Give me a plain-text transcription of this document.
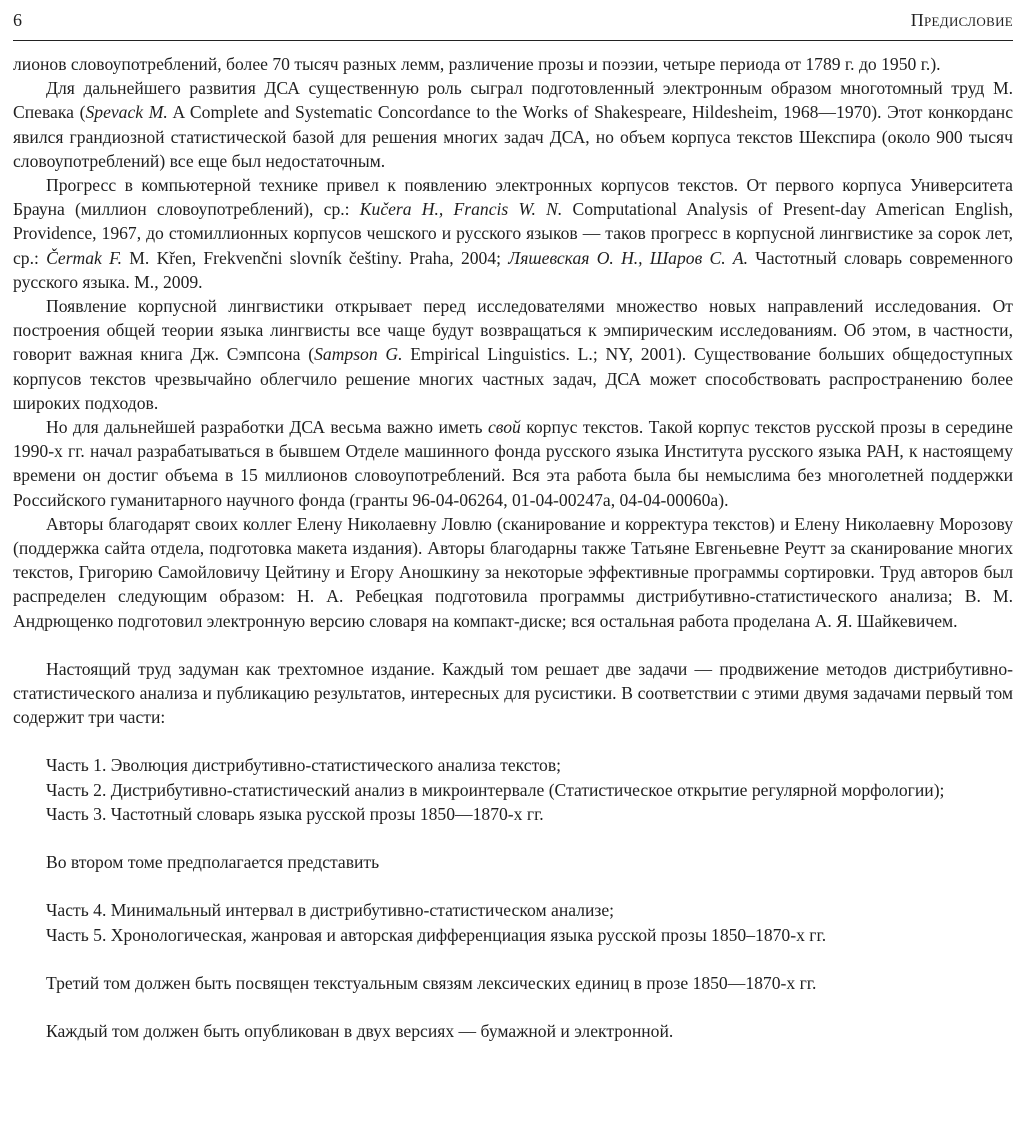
6	Предисловие

лионов словоупотреблений, более 70 тысяч разных лемм, различение прозы и поэзии, четыре периода от 1789 г. до 1950 г.).

Для дальнейшего развития ДСА существенную роль сыграл подготовленный электронным образом многотомный труд М. Спевака (Spevack M. A Complete and Systematic Concordance to the Works of Shakespeare, Hildesheim, 1968—1970). Этот конкорданс явился грандиозной статистической базой для решения многих задач ДСА, но объем корпуса текстов Шекспира (около 900 тысяч словоупотреблений) все еще был недостаточным.

Прогресс в компьютерной технике привел к появлению электронных корпусов текстов. От первого корпуса Университета Брауна (миллион словоупотреблений), ср.: Kučera H., Francis W. N. Computational Analysis of Present-day American English, Providence, 1967, до стомиллионных корпусов чешского и русского языков — таков прогресс в корпусной лингвистике за сорок лет, ср.: Čermak F. M. Křen, Frekvenčni slovník češtiny. Praha, 2004; Ляшевская О. Н., Шаров С. А. Частотный словарь современного русского языка. М., 2009.

Появление корпусной лингвистики открывает перед исследователями множество новых направлений исследования. От построения общей теории языка лингвисты все чаще будут возвращаться к эмпирическим исследованиям. Об этом, в частности, говорит важная книга Дж. Сэмпсона (Sampson G. Empirical Linguistics. L.; NY, 2001). Существование больших общедоступных корпусов текстов чрезвычайно облегчило решение многих частных задач, ДСА может способствовать распространению более широких подходов.

Но для дальнейшей разработки ДСА весьма важно иметь свой корпус текстов. Такой корпус текстов русской прозы в середине 1990-х гг. начал разрабатываться в бывшем Отделе машинного фонда русского языка Института русского языка РАН, к настоящему времени он достиг объема в 15 миллионов словоупотреблений. Вся эта работа была бы немыслима без многолетней поддержки Российского гуманитарного научного фонда (гранты 96-04-06264, 01-04-00247а, 04-04-00060а).

Авторы благодарят своих коллег Елену Николаевну Ловлю (сканирование и корректура текстов) и Елену Николаевну Морозову (поддержка сайта отдела, подготовка макета издания). Авторы благодарны также Татьяне Евгеньевне Реутт за сканирование многих текстов, Григорию Самойловичу Цейтину и Егору Аношкину за некоторые эффективные программы сортировки. Труд авторов был распределен следующим образом: Н. А. Ребецкая подготовила программы дистрибутивно-статистического анализа; В. М. Андрющенко подготовил электронную версию словаря на компакт-диске; вся остальная работа проделана А. Я. Шайкевичем.

Настоящий труд задуман как трехтомное издание. Каждый том решает две задачи — продвижение методов дистрибутивно-статистического анализа и публикацию результатов, интересных для русистики. В соответствии с этими двумя задачами первый том содержит три части:

Часть 1. Эволюция дистрибутивно-статистического анализа текстов;

Часть 2. Дистрибутивно-статистический анализ в микроинтервале (Статистическое открытие регулярной морфологии);

Часть 3. Частотный словарь языка русской прозы 1850—1870-х гг.

Во втором томе предполагается представить

Часть 4. Минимальный интервал в дистрибутивно-статистическом анализе;

Часть 5. Хронологическая, жанровая и авторская дифференциация языка русской прозы 1850–1870-х гг.

Третий том должен быть посвящен текстуальным связям лексических единиц в прозе 1850—1870-х гг.

Каждый том должен быть опубликован в двух версиях — бумажной и электронной.
